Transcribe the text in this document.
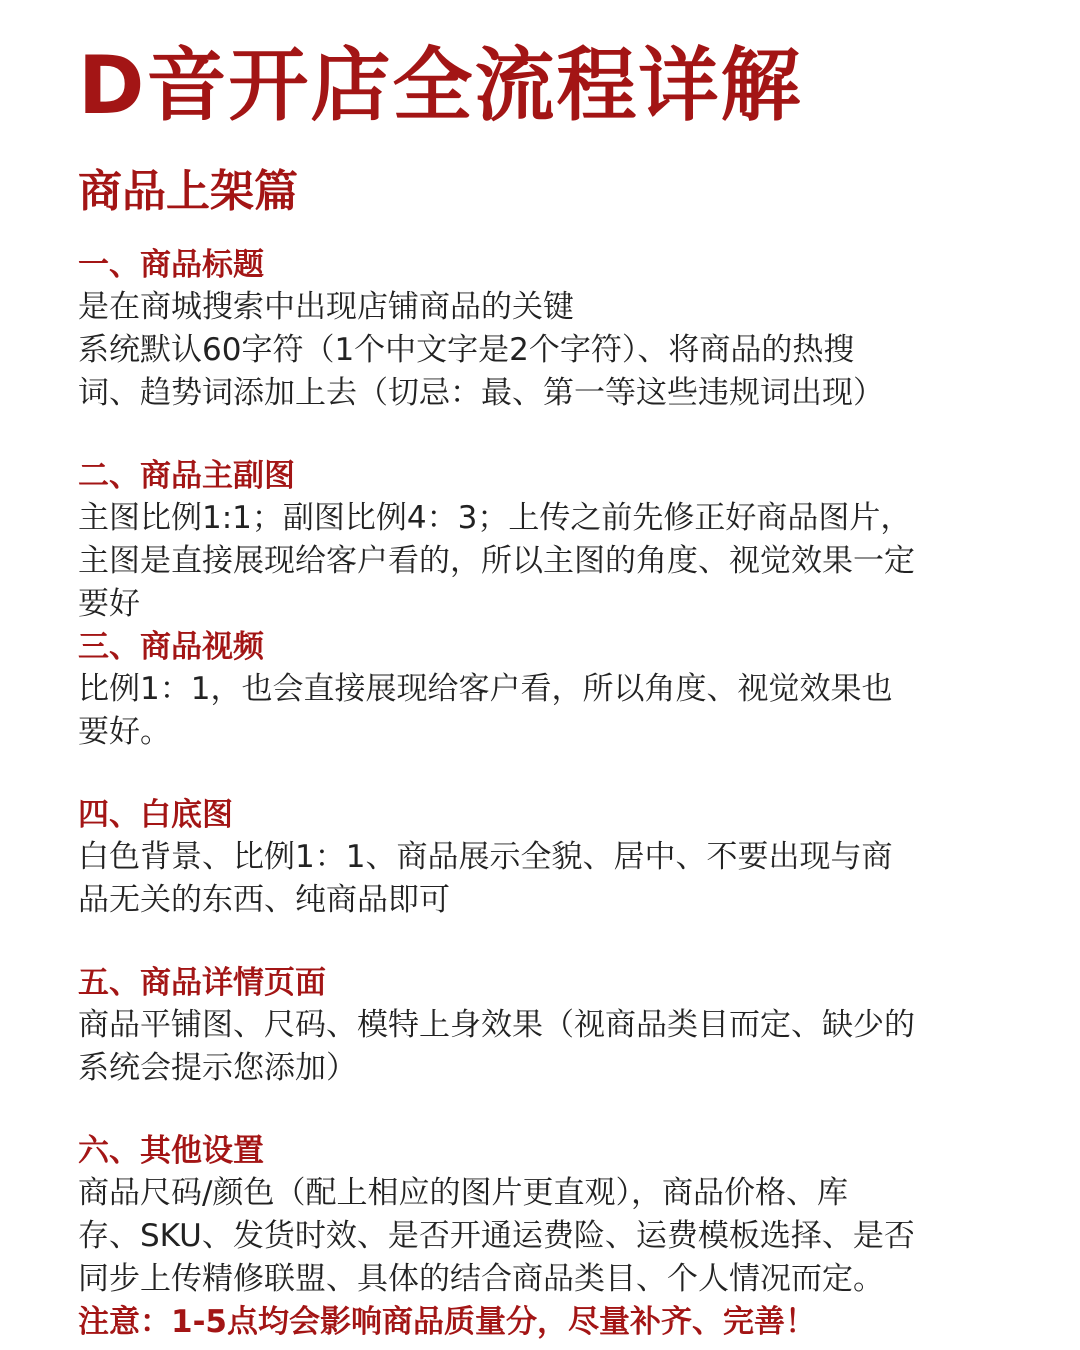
D音开店全流程详解
商品上架篇
一、商品标题
是在商城搜索中出现店铺商品的关键
系统默认60字符（1个中文字是2个字符）、将商品的热搜
词、趋势词添加上去（切忌：最、第一等这些违规词出现）
二、商品主副图
主图比例1:1；副图比例4：3；上传之前先修正好商品图片，
主图是直接展现给客户看的，所以主图的角度、视觉效果一定
要好
三、商品视频
比例1：1，也会直接展现给客户看，所以角度、视觉效果也
要好。
四、白底图
白色背景、比例1：1、商品展示全貌、居中、不要出现与商
品无关的东西、纯商品即可
五、商品详情页面
商品平铺图、尺码、模特上身效果（视商品类目而定、缺少的
系统会提示您添加）
六、其他设置
商品尺码/颜色（配上相应的图片更直观），商品价格、库
存、SKU、发货时效、是否开通运费险、运费模板选择、是否
同步上传精修联盟、具体的结合商品类目、个人情况而定。

注意：1-5点均会影响商品质量分，尽量补齐、完善！
